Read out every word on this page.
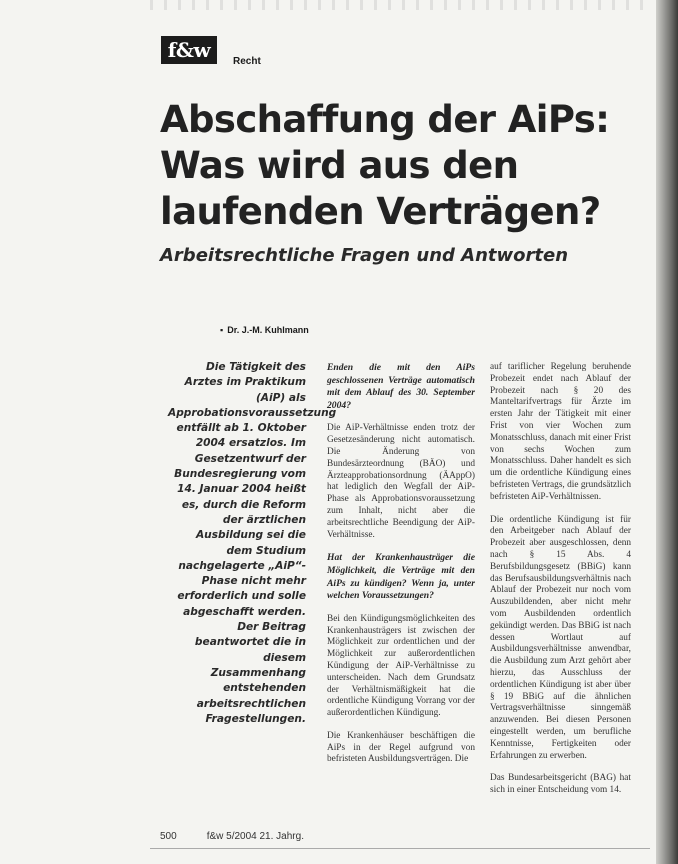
f&w	Recht
Abschaffung der AiPs: Was wird aus den laufenden Verträgen?
Arbeitsrechtliche Fragen und Antworten
▪ Dr. J.-M. Kuhlmann

Die Tätigkeit des Arztes im Praktikum (AiP) als Approbationsvoraussetzung entfällt ab 1. Oktober 2004 ersatzlos. Im Gesetzentwurf der Bundesregierung vom 14. Januar 2004 heißt es, durch die Reform der ärztlichen Ausbildung sei die dem Studium nachgelagerte „AiP“-Phase nicht mehr erforderlich und solle abgeschafft werden. Der Beitrag beantwortet die in diesem Zusammenhang entstehenden arbeitsrechtlichen Fragestellungen.

Enden die mit den AiPs geschlossenen Verträge automatisch mit dem Ablauf des 30. September 2004?

Die AiP-Verhältnisse enden trotz der Gesetzesänderung nicht automatisch. Die Änderung von Bundesärzteordnung (BÄO) und Ärzteapprobationsordnung (ÄAppO) hat lediglich den Wegfall der AiP-Phase als Approbationsvoraussetzung zum Inhalt, nicht aber die arbeitsrechtliche Beendigung der AiP-Verhältnisse.

Hat der Krankenhausträger die Möglichkeit, die Verträge mit den AiPs zu kündigen? Wenn ja, unter welchen Voraussetzungen?

Bei den Kündigungsmöglichkeiten des Krankenhausträgers ist zwischen der Möglichkeit zur ordentlichen und der Möglichkeit zur außerordentlichen Kündigung der AiP-Verhältnisse zu unterscheiden. Nach dem Grundsatz der Verhältnismäßigkeit hat die ordentliche Kündigung Vorrang vor der außerordentlichen Kündigung.

Die Krankenhäuser beschäftigen die AiPs in der Regel aufgrund von befristeten Ausbildungsverträgen. Die

auf tariflicher Regelung beruhende Probezeit endet nach Ablauf der Probezeit nach § 20 des Manteltarifvertrags für Ärzte im ersten Jahr der Tätigkeit mit einer Frist von vier Wochen zum Monatsschluss, danach mit einer Frist von sechs Wochen zum Monatsschluss. Daher handelt es sich um die ordentliche Kündigung eines befristeten Vertrags, die grundsätzlich befristeten AiP-Verhältnissen.

Die ordentliche Kündigung ist für den Arbeitgeber nach Ablauf der Probezeit aber ausgeschlossen, denn nach § 15 Abs. 4 Berufsbildungsgesetz (BBiG) kann das Berufsausbildungsverhältnis nach Ablauf der Probezeit nur noch vom Auszubildenden, aber nicht mehr vom Ausbildenden ordentlich gekündigt werden. Das BBiG ist nach dessen Wortlaut auf Ausbildungsverhältnisse anwendbar, die Ausbildung zum Arzt gehört aber hierzu, das Ausschluss der ordentlichen Kündigung ist aber über § 19 BBiG auf die ähnlichen Vertragsverhältnisse sinngemäß anzuwenden. Bei diesen Personen eingestellt werden, um berufliche Kenntnisse, Fertigkeiten oder Erfahrungen zu erwerben.

Das Bundesarbeitsgericht (BAG) hat sich in einer Entscheidung vom 14.

500	f&w 5/2004 21. Jahrg.
